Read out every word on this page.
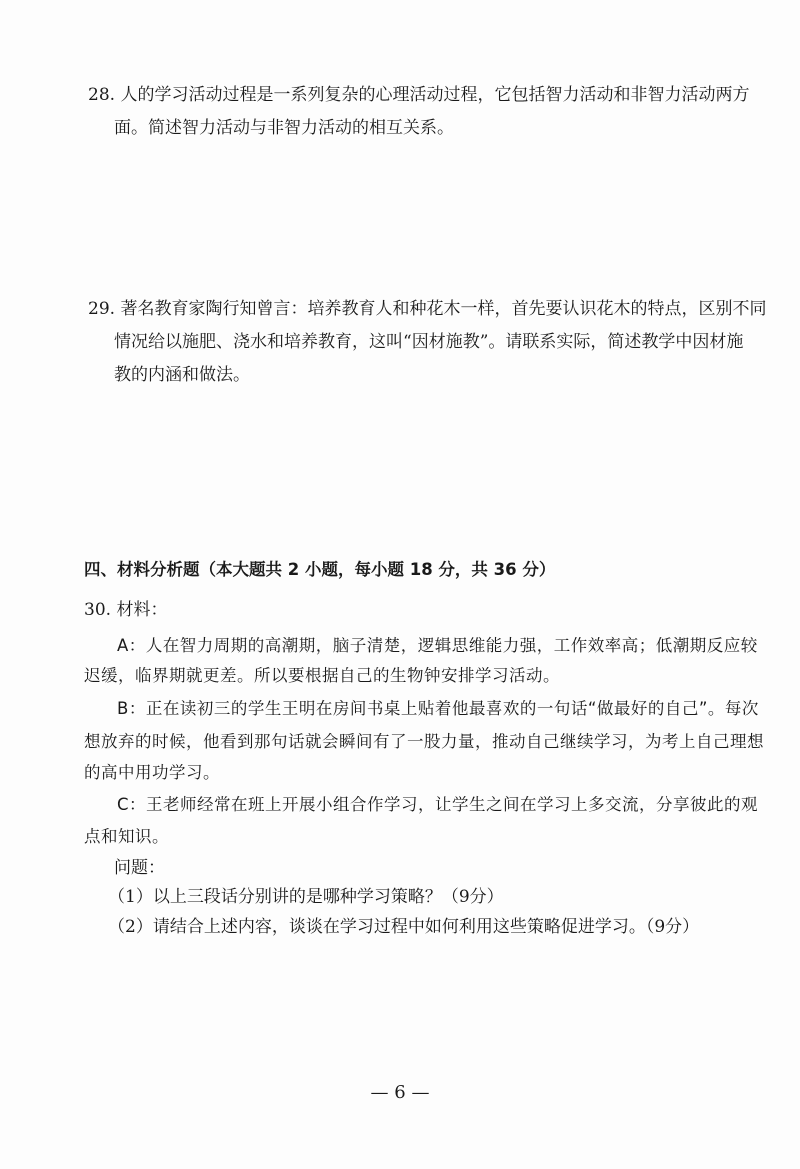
28. 人的学习活动过程是一系列复杂的心理活动过程，它包括智力活动和非智力活动两方
面。简述智力活动与非智力活动的相互关系。
29. 著名教育家陶行知曾言：培养教育人和种花木一样，首先要认识花木的特点，区别不同
情况给以施肥、浇水和培养教育，这叫“因材施教”。请联系实际，简述教学中因材施
教的内涵和做法。
四、材料分析题（本大题共 2 小题，每小题 18 分，共 36 分）
30. 材料：
A：人在智力周期的高潮期，脑子清楚，逻辑思维能力强，工作效率高；低潮期反应较
迟缓，临界期就更差。所以要根据自己的生物钟安排学习活动。
B：正在读初三的学生王明在房间书桌上贴着他最喜欢的一句话“做最好的自己”。每次
想放弃的时候，他看到那句话就会瞬间有了一股力量，推动自己继续学习，为考上自己理想
的高中用功学习。
C：王老师经常在班上开展小组合作学习，让学生之间在学习上多交流，分享彼此的观
点和知识。
问题：
（1）以上三段话分别讲的是哪种学习策略？（9分）
（2）请结合上述内容，谈谈在学习过程中如何利用这些策略促进学习。（9分）
— 6 —
